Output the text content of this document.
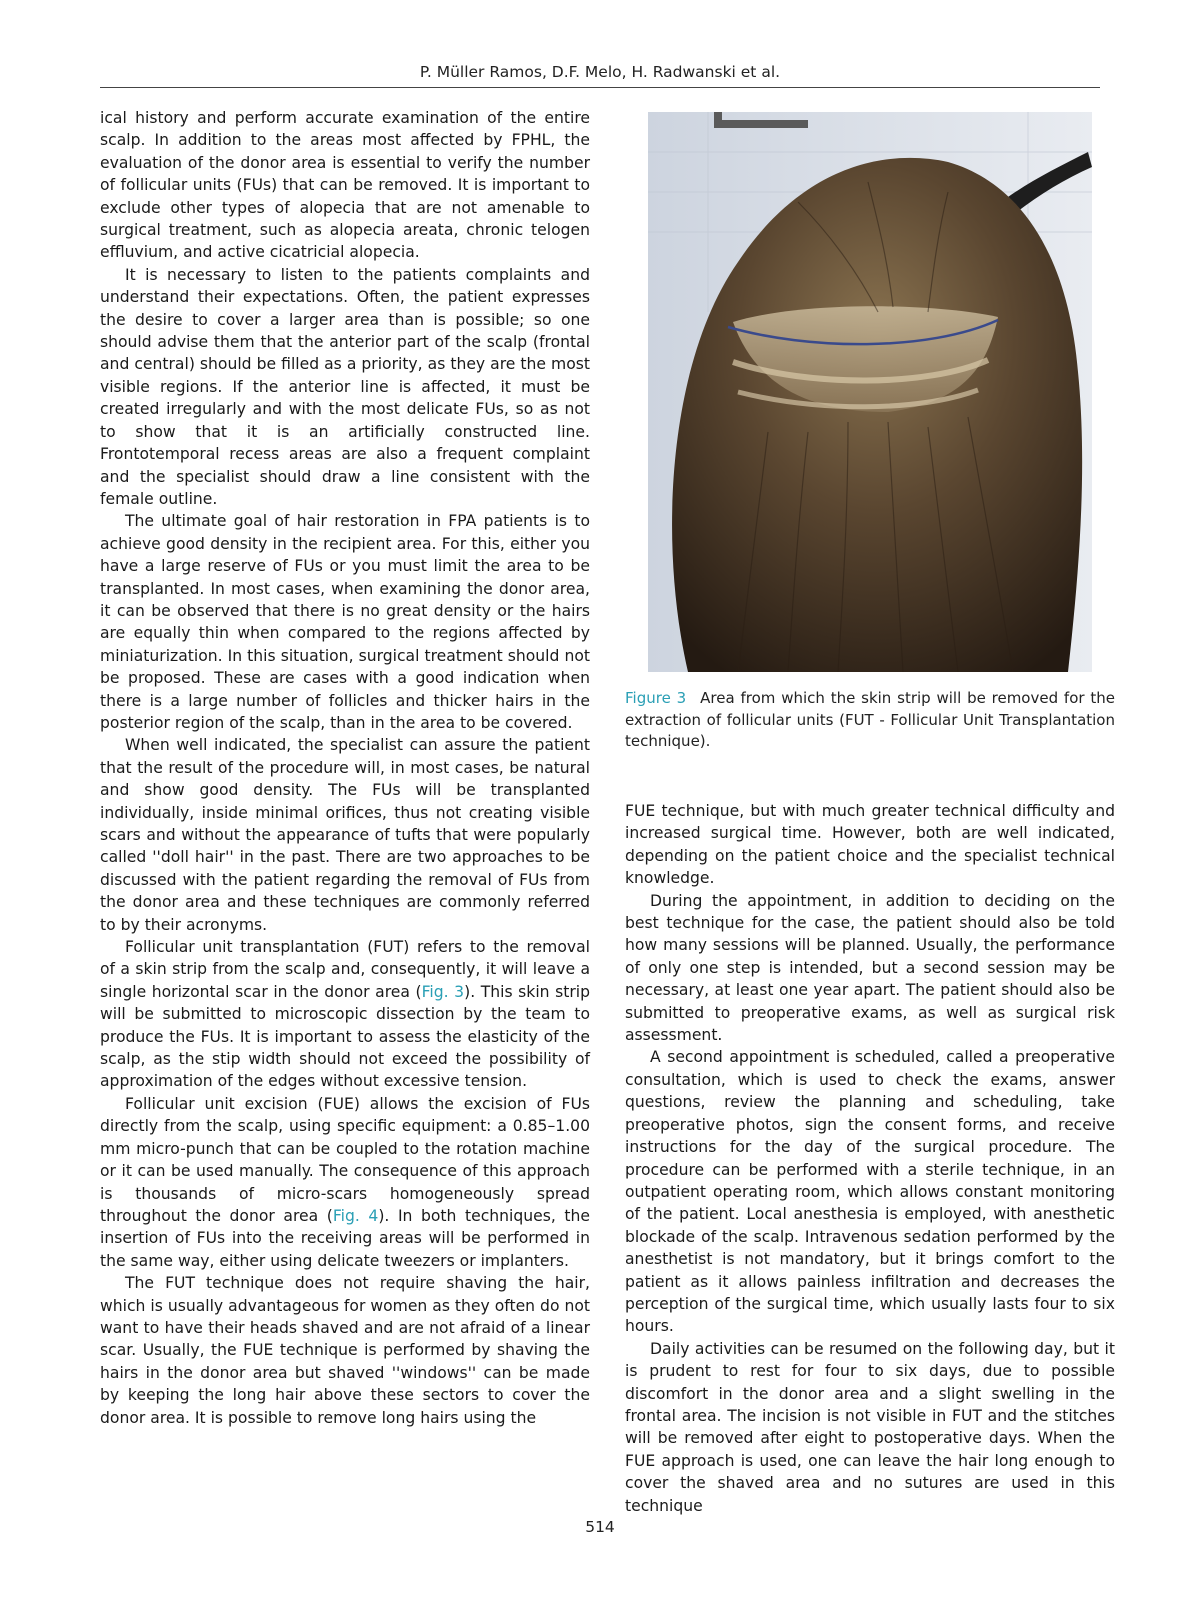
P. Müller Ramos, D.F. Melo, H. Radwanski et al.

ical history and perform accurate examination of the entire scalp. In addition to the areas most affected by FPHL, the evaluation of the donor area is essential to verify the number of follicular units (FUs) that can be removed. It is important to exclude other types of alopecia that are not amenable to surgical treatment, such as alopecia areata, chronic telogen effluvium, and active cicatricial alopecia.

It is necessary to listen to the patients complaints and understand their expectations. Often, the patient expresses the desire to cover a larger area than is possible; so one should advise them that the anterior part of the scalp (frontal and central) should be filled as a priority, as they are the most visible regions. If the anterior line is affected, it must be created irregularly and with the most delicate FUs, so as not to show that it is an artificially constructed line. Frontotemporal recess areas are also a frequent complaint and the specialist should draw a line consistent with the female outline.

The ultimate goal of hair restoration in FPA patients is to achieve good density in the recipient area. For this, either you have a large reserve of FUs or you must limit the area to be transplanted. In most cases, when examining the donor area, it can be observed that there is no great density or the hairs are equally thin when compared to the regions affected by miniaturization. In this situation, surgical treatment should not be proposed. These are cases with a good indication when there is a large number of follicles and thicker hairs in the posterior region of the scalp, than in the area to be covered.

When well indicated, the specialist can assure the patient that the result of the procedure will, in most cases, be natural and show good density. The FUs will be transplanted individually, inside minimal orifices, thus not creating visible scars and without the appearance of tufts that were popularly called ''doll hair'' in the past. There are two approaches to be discussed with the patient regarding the removal of FUs from the donor area and these techniques are commonly referred to by their acronyms.

Follicular unit transplantation (FUT) refers to the removal of a skin strip from the scalp and, consequently, it will leave a single horizontal scar in the donor area (Fig. 3). This skin strip will be submitted to microscopic dissection by the team to produce the FUs. It is important to assess the elasticity of the scalp, as the stip width should not exceed the possibility of approximation of the edges without excessive tension.

Follicular unit excision (FUE) allows the excision of FUs directly from the scalp, using specific equipment: a 0.85–1.00 mm micro-punch that can be coupled to the rotation machine or it can be used manually. The consequence of this approach is thousands of micro-scars homogeneously spread throughout the donor area (Fig. 4). In both techniques, the insertion of FUs into the receiving areas will be performed in the same way, either using delicate tweezers or implanters.

The FUT technique does not require shaving the hair, which is usually advantageous for women as they often do not want to have their heads shaved and are not afraid of a linear scar. Usually, the FUE technique is performed by shaving the hairs in the donor area but shaved ''windows'' can be made by keeping the long hair above these sectors to cover the donor area. It is possible to remove long hairs using the

Figure 3 Area from which the skin strip will be removed for the extraction of follicular units (FUT - Follicular Unit Transplantation technique).

FUE technique, but with much greater technical difficulty and increased surgical time. However, both are well indicated, depending on the patient choice and the specialist technical knowledge.

During the appointment, in addition to deciding on the best technique for the case, the patient should also be told how many sessions will be planned. Usually, the performance of only one step is intended, but a second session may be necessary, at least one year apart. The patient should also be submitted to preoperative exams, as well as surgical risk assessment.

A second appointment is scheduled, called a preoperative consultation, which is used to check the exams, answer questions, review the planning and scheduling, take preoperative photos, sign the consent forms, and receive instructions for the day of the surgical procedure. The procedure can be performed with a sterile technique, in an outpatient operating room, which allows constant monitoring of the patient. Local anesthesia is employed, with anesthetic blockade of the scalp. Intravenous sedation performed by the anesthetist is not mandatory, but it brings comfort to the patient as it allows painless infiltration and decreases the perception of the surgical time, which usually lasts four to six hours.

Daily activities can be resumed on the following day, but it is prudent to rest for four to six days, due to possible discomfort in the donor area and a slight swelling in the frontal area. The incision is not visible in FUT and the stitches will be removed after eight to postoperative days. When the FUE approach is used, one can leave the hair long enough to cover the shaved area and no sutures are used in this technique

514
